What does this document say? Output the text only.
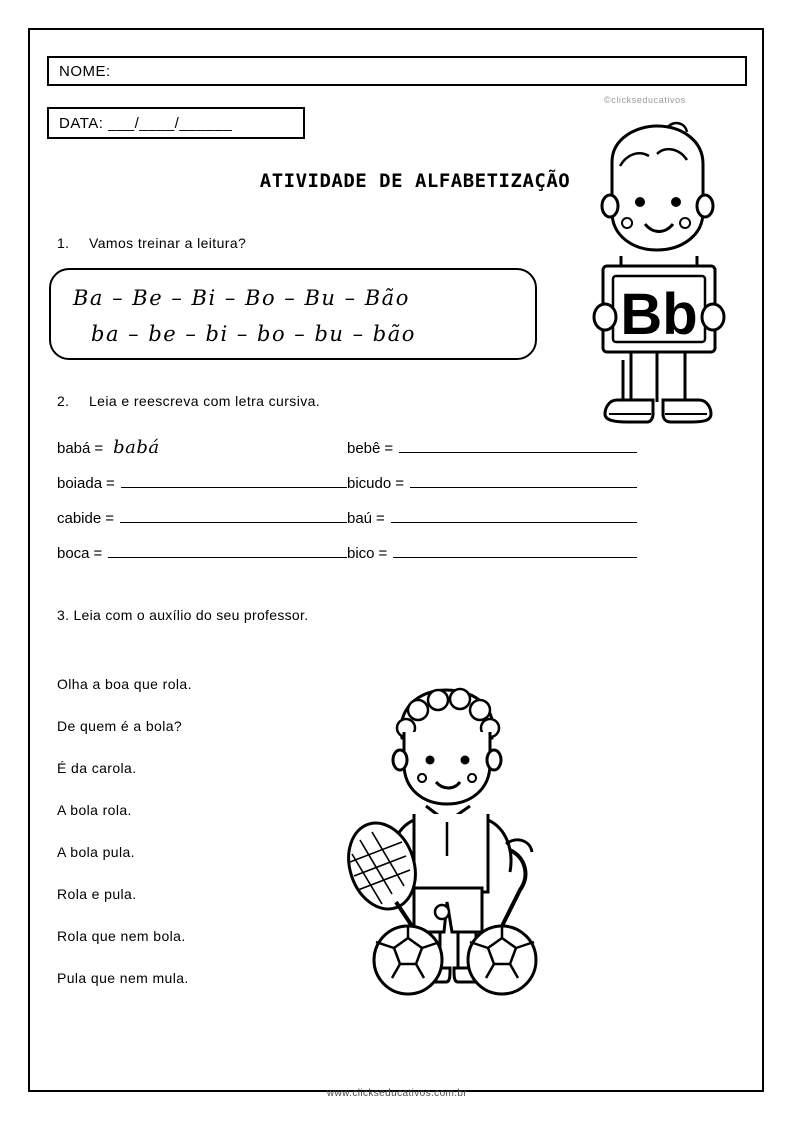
NOME:
DATA: ___/____/______
©clickseducativos
ATIVIDADE DE ALFABETIZAÇÃO
1. Vamos treinar a leitura?
Ba – Be – Bi – Bo – Bu – Bão
ba – be – bi – bo – bu – bão
2. Leia e reescreva com letra cursiva.
babá = babá	bebê =
boiada =	bicudo =
cabide =	baú =
boca =	bico =
3. Leia com o auxílio do seu professor.
Olha a boa que rola.
De quem é a bola?
É da carola.
A bola rola.
A bola pula.
Rola e pula.
Rola que nem bola.
Pula que nem mula.
Bb
www.clickseducativos.com.br
